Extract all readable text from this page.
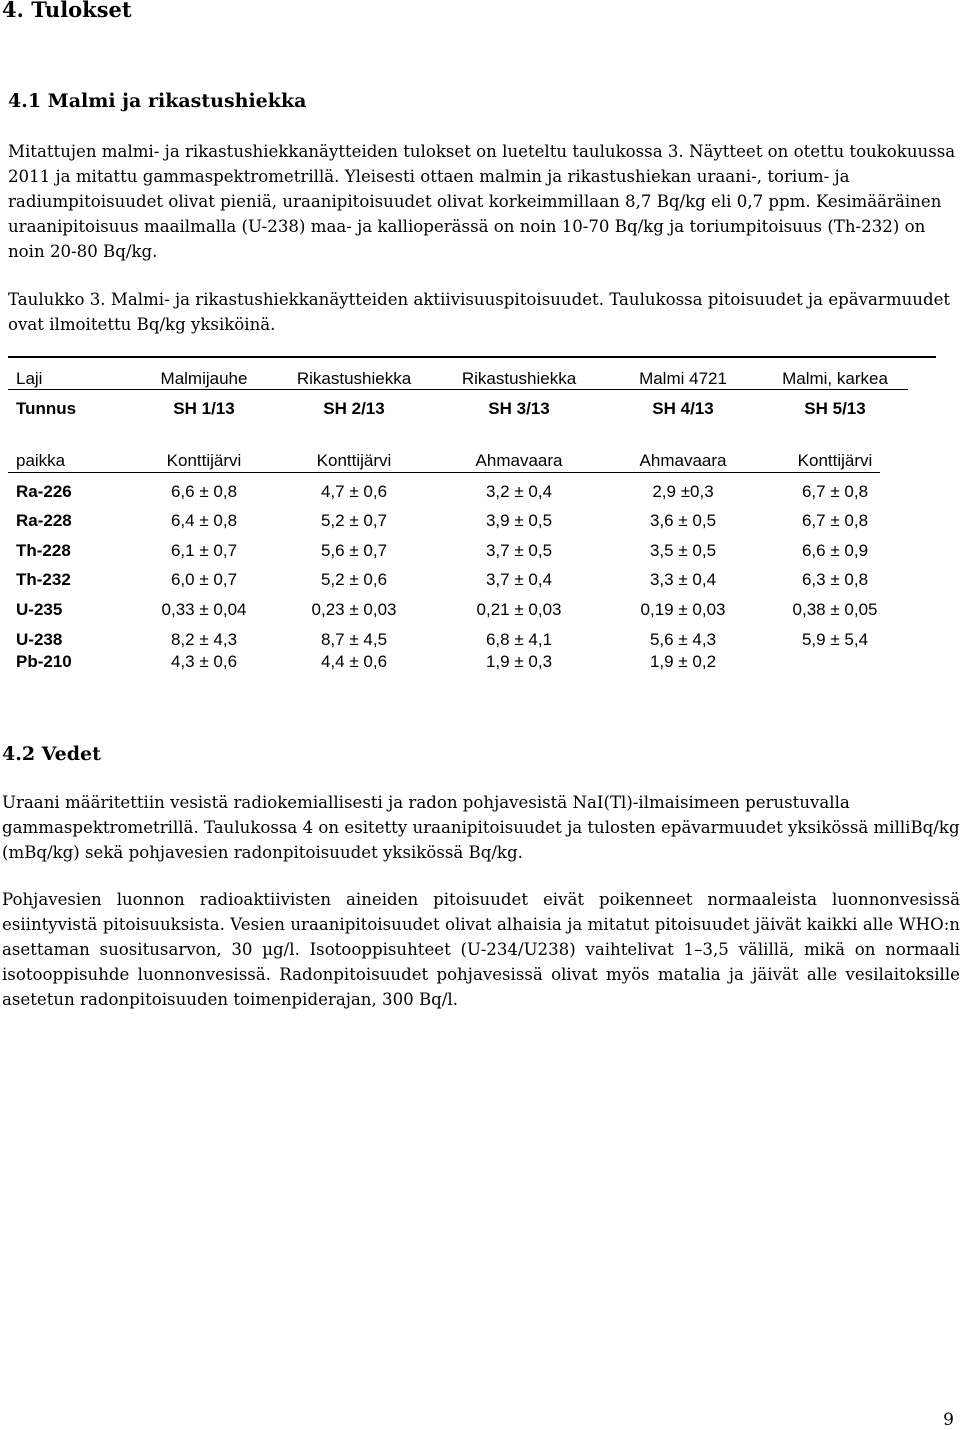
4. Tulokset
4.1 Malmi ja rikastushiekka

Mitattujen malmi- ja rikastushiekkanäytteiden tulokset on lueteltu taulukossa 3. Näytteet on otettu toukokuussa 2011 ja mitattu gammaspektrometrillä. Yleisesti ottaen malmin ja rikastushiekan uraani-, torium- ja radiumpitoisuudet olivat pieniä, uraanipitoisuudet olivat korkeimmillaan 8,7 Bq/kg eli 0,7 ppm. Kesimääräinen uraanipitoisuus maailmalla (U-238) maa- ja kallioperässä on noin 10-70 Bq/kg ja toriumpitoisuus (Th-232) on noin 20-80 Bq/kg.

Taulukko 3. Malmi- ja rikastushiekkanäytteiden aktiivisuuspitoisuudet. Taulukossa pitoisuudet ja epävarmuudet ovat ilmoitettu Bq/kg yksiköinä.

Laji	Malmijauhe	Rikastushiekka	Rikastushiekka	Malmi 4721	Malmi, karkea
Tunnus	SH 1/13	SH 2/13	SH 3/13	SH 4/13	SH 5/13
paikka	Konttijärvi	Konttijärvi	Ahmavaara	Ahmavaara	Konttijärvi
Ra-226	6,6 ± 0,8	4,7 ± 0,6	3,2 ± 0,4	2,9 ±0,3	6,7 ± 0,8
Ra-228	6,4 ± 0,8	5,2 ± 0,7	3,9 ± 0,5	3,6 ± 0,5	6,7 ± 0,8
Th-228	6,1 ± 0,7	5,6 ± 0,7	3,7 ± 0,5	3,5 ± 0,5	6,6 ± 0,9
Th-232	6,0 ± 0,7	5,2 ± 0,6	3,7 ± 0,4	3,3 ± 0,4	6,3 ± 0,8
U-235	0,33 ± 0,04	0,23 ± 0,03	0,21 ± 0,03	0,19 ± 0,03	0,38 ± 0,05
U-238	8,2 ± 4,3	8,7 ± 4,5	6,8 ± 4,1	5,6 ± 4,3	5,9 ± 5,4
Pb-210	4,3 ± 0,6	4,4 ± 0,6	1,9 ± 0,3	1,9 ± 0,2
4.2 Vedet

Uraani määritettiin vesistä radiokemiallisesti ja radon pohjavesistä NaI(Tl)-ilmaisimeen perustuvalla gammaspektrometrillä. Taulukossa 4 on esitetty uraanipitoisuudet ja tulosten epävarmuudet yksikössä milliBq/kg (mBq/kg) sekä pohjavesien radonpitoisuudet yksikössä Bq/kg.

Pohjavesien luonnon radioaktiivisten aineiden pitoisuudet eivät poikenneet normaaleista luonnonvesissä esiintyvistä pitoisuuksista. Vesien uraanipitoisuudet olivat alhaisia ja mitatut pitoisuudet jäivät kaikki alle WHO:n asettaman suositusarvon, 30 µg/l. Isotooppisuhteet (U-234/U238) vaihtelivat 1–3,5 välillä, mikä on normaali isotooppisuhde luonnonvesissä. Radonpitoisuudet pohjavesissä olivat myös matalia ja jäivät alle vesilaitoksille asetetun radonpitoisuuden toimenpiderajan, 300 Bq/l.

9
